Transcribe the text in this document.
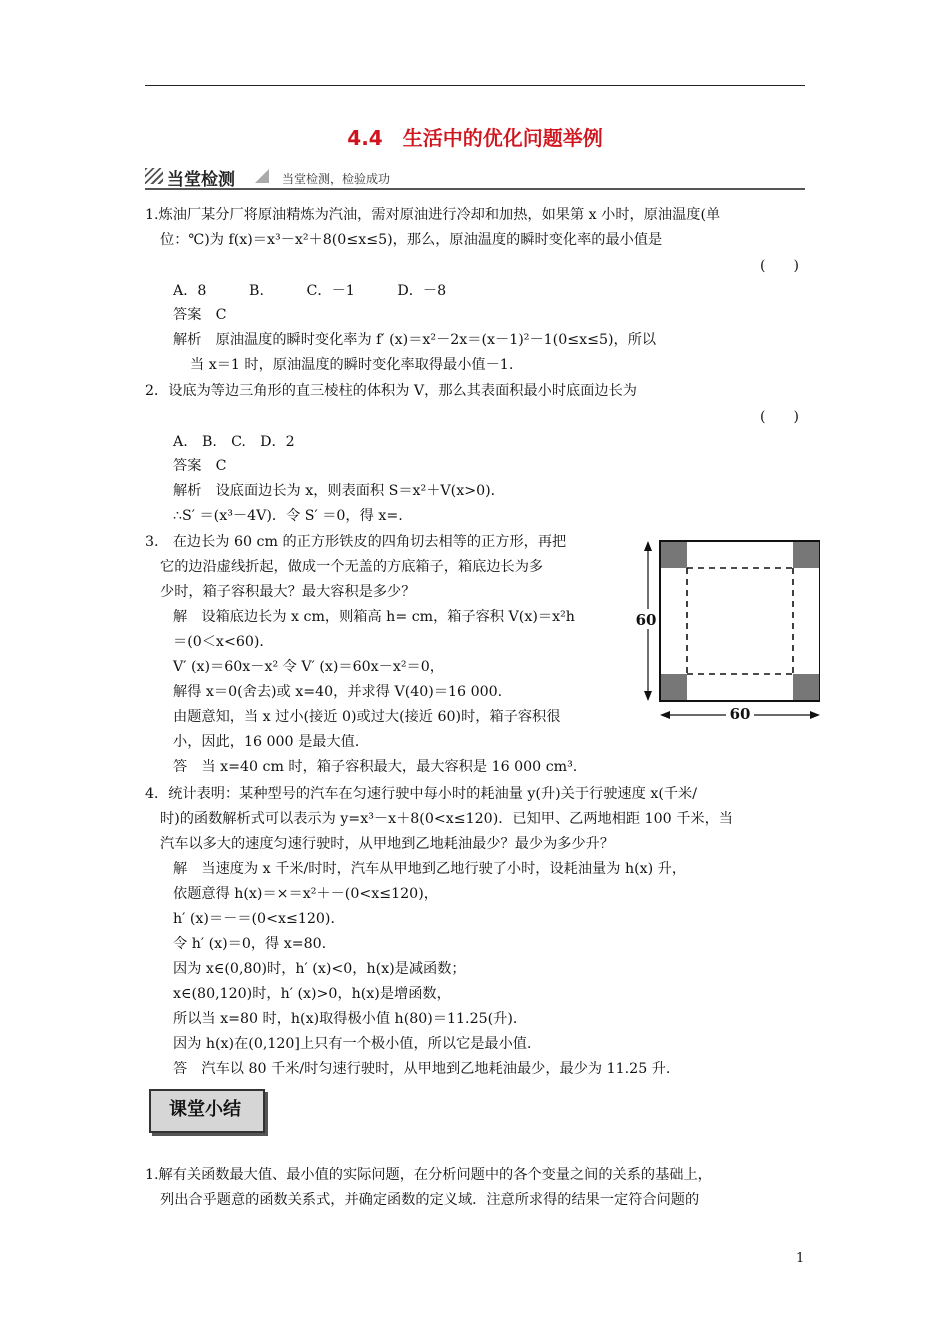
4.4　生活中的优化问题举例
当堂检测	当堂检测，检验成功
1.炼油厂某分厂将原油精炼为汽油，需对原油进行冷却和加热，如果第 x 小时，原油温度(单
位：℃)为 f(x)＝x³－x²＋8(0≤x≤5)，那么，原油温度的瞬时变化率的最小值是
(　　)
A．8　　　B.　　　C．－1　　　D．－8
答案　C
解析　原油温度的瞬时变化率为 f′ (x)＝x²－2x＝(x－1)²－1(0≤x≤5)，所以
当 x＝1 时，原油温度的瞬时变化率取得最小值－1.
2．设底为等边三角形的直三棱柱的体积为 V，那么其表面积最小时底面边长为
(　　)
A.　B.　C.　D．2
答案　C
解析　设底面边长为 x，则表面积 S＝x²＋V(x>0)．
∴S′ ＝(x³－4V)．令 S′ ＝0，得 x=.
3.　在边长为 60 cm 的正方形铁皮的四角切去相等的正方形，再把
它的边沿虚线折起，做成一个无盖的方底箱子，箱底边长为多
少时，箱子容积最大？最大容积是多少？
解　设箱底边长为 x cm，则箱高 h= cm，箱子容积 V(x)＝x²h
＝(0＜x<60)．
V′ (x)＝60x－x² 令 V′ (x)＝60x－x²＝0，
解得 x＝0(舍去)或 x=40，并求得 V(40)＝16 000.
由题意知，当 x 过小(接近 0)或过大(接近 60)时，箱子容积很
小，因此，16 000 是最大值．
答　当 x=40 cm 时，箱子容积最大，最大容积是 16 000 cm³.
60
60
4．统计表明：某种型号的汽车在匀速行驶中每小时的耗油量 y(升)关于行驶速度 x(千米/
时)的函数解析式可以表示为 y=x³－x＋8(0<x≤120)．已知甲、乙两地相距 100 千米，当
汽车以多大的速度匀速行驶时，从甲地到乙地耗油最少？最少为多少升？
解　当速度为 x 千米/时时，汽车从甲地到乙地行驶了小时，设耗油量为 h(x) 升，
依题意得 h(x)＝×＝x²＋－(0<x≤120)，
h′ (x)＝－＝(0<x≤120)．
令 h′ (x)＝0，得 x=80.
因为 x∈(0,80)时，h′ (x)<0，h(x)是减函数；
x∈(80,120)时，h′ (x)>0，h(x)是增函数，
所以当 x=80 时，h(x)取得极小值 h(80)＝11.25(升)．
因为 h(x)在(0,120]上只有一个极小值，所以它是最小值．
答　汽车以 80 千米/时匀速行驶时，从甲地到乙地耗油最少，最少为 11.25 升.
课堂小结
1.解有关函数最大值、最小值的实际问题，在分析问题中的各个变量之间的关系的基础上，
列出合乎题意的函数关系式，并确定函数的定义域．注意所求得的结果一定符合问题的
1
